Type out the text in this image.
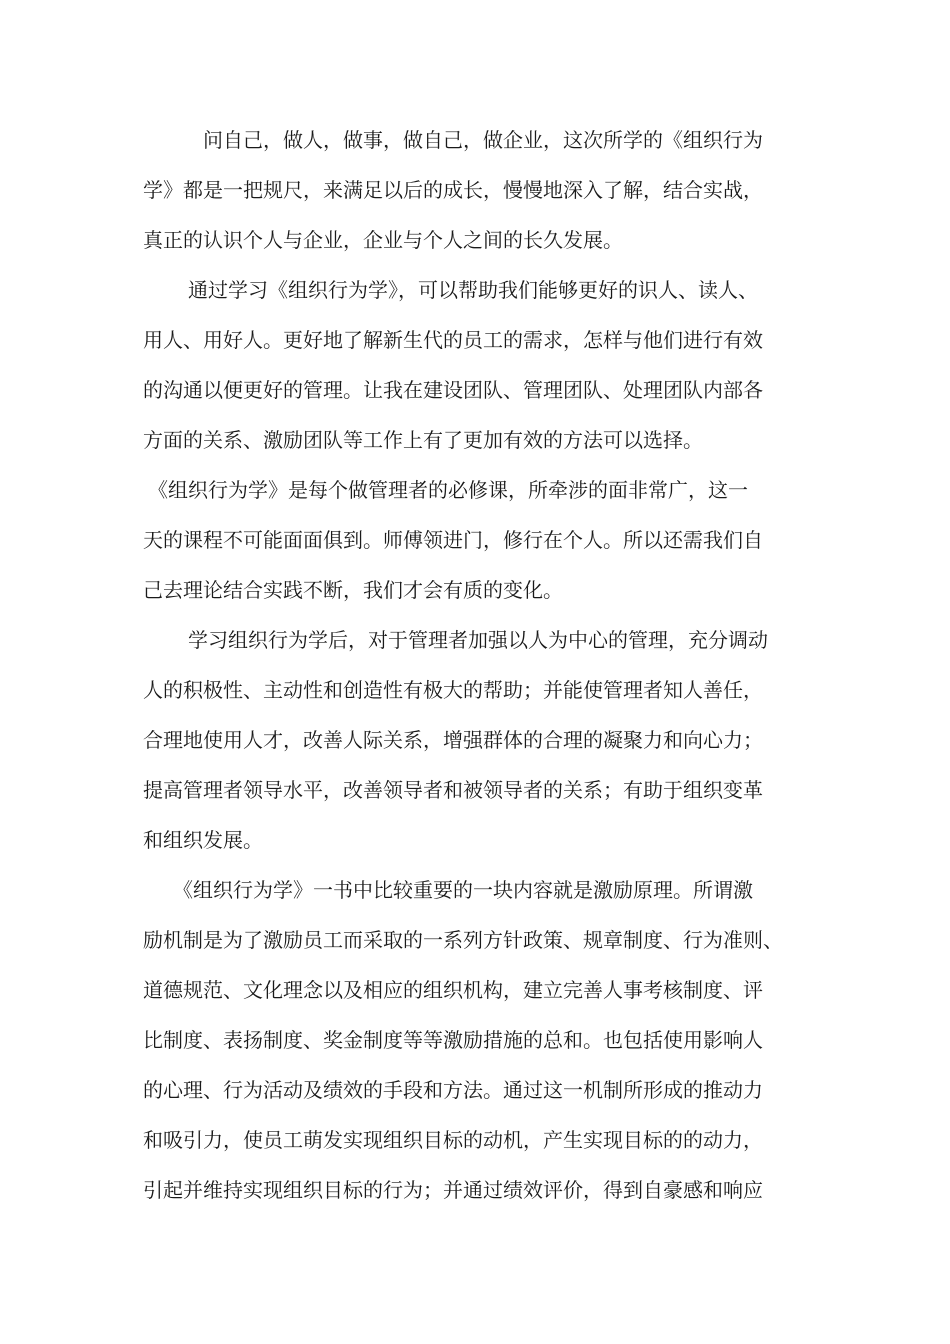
问自己，做人，做事，做自己，做企业，这次所学的《组织行为
学》都是一把规尺，来满足以后的成长，慢慢地深入了解，结合实战，
真正的认识个人与企业，企业与个人之间的长久发展。
通过学习《组织行为学》，可以帮助我们能够更好的识人、读人、
用人、用好人。更好地了解新生代的员工的需求，怎样与他们进行有效
的沟通以便更好的管理。让我在建设团队、管理团队、处理团队内部各
方面的关系、激励团队等工作上有了更加有效的方法可以选择。
《组织行为学》是每个做管理者的必修课，所牵涉的面非常广，这一
天的课程不可能面面俱到。师傅领进门，修行在个人。所以还需我们自
己去理论结合实践不断，我们才会有质的变化。
学习组织行为学后，对于管理者加强以人为中心的管理，充分调动
人的积极性、主动性和创造性有极大的帮助；并能使管理者知人善任，
合理地使用人才，改善人际关系，增强群体的合理的凝聚力和向心力；
提高管理者领导水平，改善领导者和被领导者的关系；有助于组织变革
和组织发展。
《组织行为学》一书中比较重要的一块内容就是激励原理。所谓激
励机制是为了激励员工而采取的一系列方针政策、规章制度、行为准则、
道德规范、文化理念以及相应的组织机构，建立完善人事考核制度、评
比制度、表扬制度、奖金制度等等激励措施的总和。也包括使用影响人
的心理、行为活动及绩效的手段和方法。通过这一机制所形成的推动力
和吸引力，使员工萌发实现组织目标的动机，产生实现目标的的动力，
引起并维持实现组织目标的行为；并通过绩效评价，得到自豪感和响应
